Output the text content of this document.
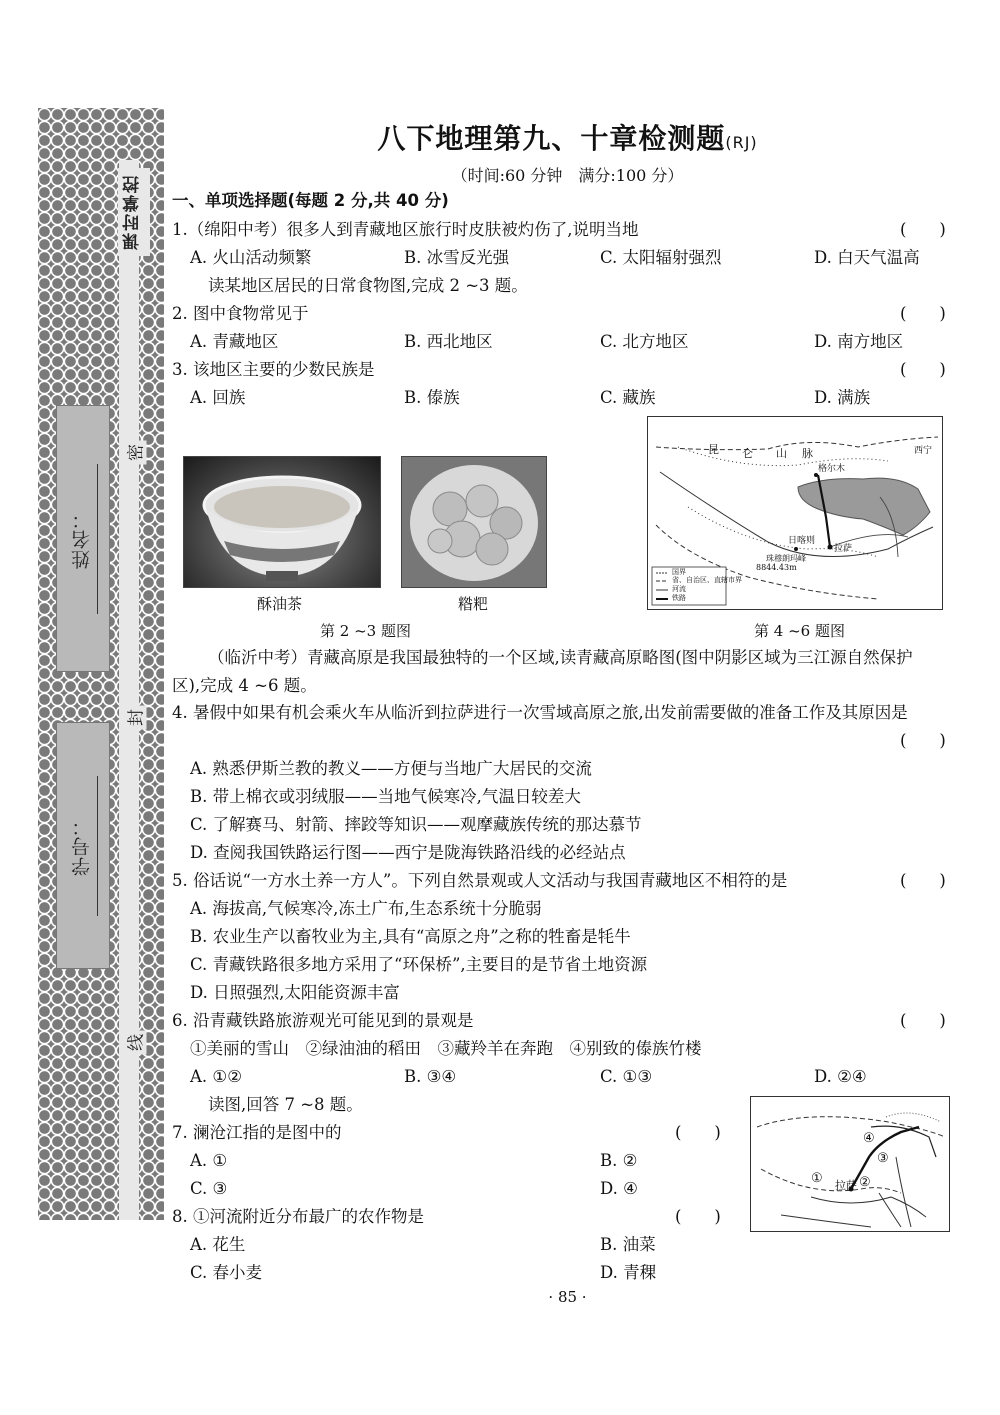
课时掌控
姓名：
学号：
密
封
线
八下地理第九、十章检测题(RJ)
（时间:60 分钟　满分:100 分）
一、单项选择题(每题 2 分,共 40 分)
1.（绵阳中考）很多人到青藏地区旅行时皮肤被灼伤了,说明当地	(　　)
A. 火山活动频繁	B. 冰雪反光强	C. 太阳辐射强烈	D. 白天气温高
读某地区居民的日常食物图,完成 2 ~3 题。
2. 图中食物常见于	(　　)
A. 青藏地区	B. 西北地区	C. 北方地区	D. 南方地区
3. 该地区主要的少数民族是	(　　)
A. 回族	B. 傣族	C. 藏族	D. 满族
酥油茶	糌粑
第 2 ~3 题图
昆 仑 山 脉
格尔木
西宁
日喀则
拉萨
珠穆朗玛峰
8844.43m
国界
省、自治区、直辖市界
河流
铁路
第 4 ~6 题图
（临沂中考）青藏高原是我国最独特的一个区域,读青藏高原略图(图中阴影区域为三江源自然保护
区),完成 4 ~6 题。
4. 暑假中如果有机会乘火车从临沂到拉萨进行一次雪域高原之旅,出发前需要做的准备工作及其原因是
(　　)
A. 熟悉伊斯兰教的教义——方便与当地广大居民的交流
B. 带上棉衣或羽绒服——当地气候寒冷,气温日较差大
C. 了解赛马、射箭、摔跤等知识——观摩藏族传统的那达慕节
D. 查阅我国铁路运行图——西宁是陇海铁路沿线的必经站点
5. 俗话说“一方水土养一方人”。下列自然景观或人文活动与我国青藏地区不相符的是	(　　)
A. 海拔高,气候寒冷,冻土广布,生态系统十分脆弱
B. 农业生产以畜牧业为主,具有“高原之舟”之称的牲畜是牦牛
C. 青藏铁路很多地方采用了“环保桥”,主要目的是节省土地资源
D. 日照强烈,太阳能资源丰富
6. 沿青藏铁路旅游观光可能见到的景观是	(　　)
①美丽的雪山　②绿油油的稻田　③藏羚羊在奔跑　④别致的傣族竹楼
A. ①②	B. ③④	C. ①③	D. ②④
读图,回答 7 ~8 题。
①	②
③
④
拉萨
7. 澜沧江指的是图中的	(　　)
A. ①	B. ②
C. ③	D. ④
8. ①河流附近分布最广的农作物是	(　　)
A. 花生	B. 油菜
C. 春小麦	D. 青稞
· 85 ·
